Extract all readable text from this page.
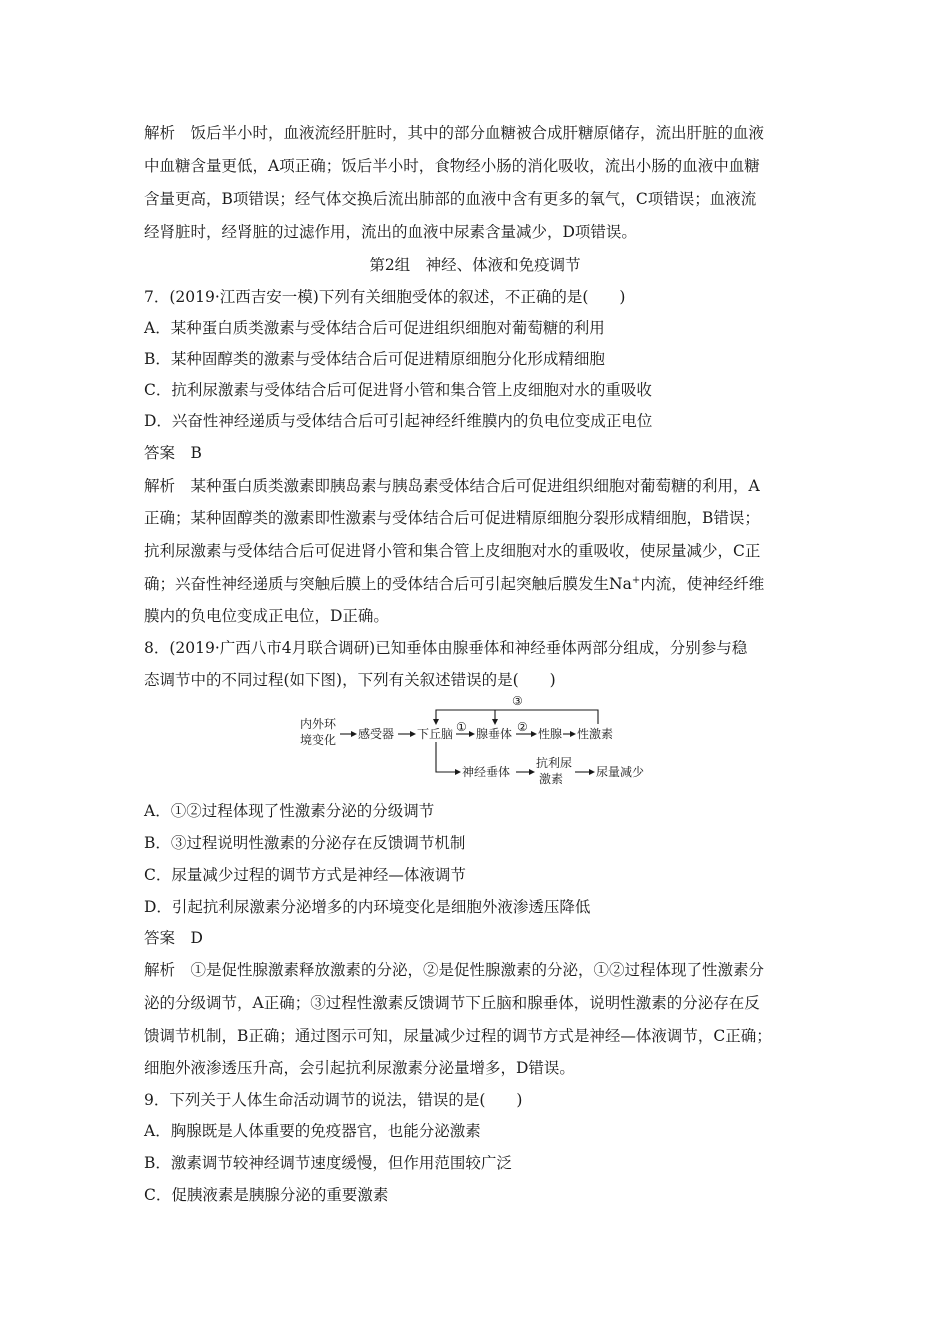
解析　饭后半小时，血液流经肝脏时，其中的部分血糖被合成肝糖原储存，流出肝脏的血液
中血糖含量更低，A项正确；饭后半小时，食物经小肠的消化吸收，流出小肠的血液中血糖
含量更高，B项错误；经气体交换后流出肺部的血液中含有更多的氧气，C项错误；血液流
经肾脏时，经肾脏的过滤作用，流出的血液中尿素含量减少，D项错误。
第2组　神经、体液和免疫调节
7．(2019·江西吉安一模)下列有关细胞受体的叙述，不正确的是(　　)
A．某种蛋白质类激素与受体结合后可促进组织细胞对葡萄糖的利用
B．某种固醇类的激素与受体结合后可促进精原细胞分化形成精细胞
C．抗利尿激素与受体结合后可促进肾小管和集合管上皮细胞对水的重吸收
D．兴奋性神经递质与受体结合后可引起神经纤维膜内的负电位变成正电位
答案　B
解析　某种蛋白质类激素即胰岛素与胰岛素受体结合后可促进组织细胞对葡萄糖的利用，A
正确；某种固醇类的激素即性激素与受体结合后可促进精原细胞分裂形成精细胞，B错误；
抗利尿激素与受体结合后可促进肾小管和集合管上皮细胞对水的重吸收，使尿量减少，C正
确；兴奋性神经递质与突触后膜上的受体结合后可引起突触后膜发生Na+内流，使神经纤维
膜内的负电位变成正电位，D正确。
8．(2019·广西八市4月联合调研)已知垂体由腺垂体和神经垂体两部分组成，分别参与稳
态调节中的不同过程(如下图)，下列有关叙述错误的是(　　)
内外环
境变化 感受器 下丘脑 腺垂体 性腺 性激素
神经垂体
抗利尿
激素	尿量减少
①	②
③
A．①②过程体现了性激素分泌的分级调节
B．③过程说明性激素的分泌存在反馈调节机制
C．尿量减少过程的调节方式是神经—体液调节
D．引起抗利尿激素分泌增多的内环境变化是细胞外液渗透压降低
答案　D
解析　①是促性腺激素释放激素的分泌，②是促性腺激素的分泌，①②过程体现了性激素分
泌的分级调节，A正确；③过程性激素反馈调节下丘脑和腺垂体，说明性激素的分泌存在反
馈调节机制，B正确；通过图示可知，尿量减少过程的调节方式是神经—体液调节，C正确；
细胞外液渗透压升高，会引起抗利尿激素分泌量增多，D错误。
9．下列关于人体生命活动调节的说法，错误的是(　　)
A．胸腺既是人体重要的免疫器官，也能分泌激素
B．激素调节较神经调节速度缓慢，但作用范围较广泛
C．促胰液素是胰腺分泌的重要激素
